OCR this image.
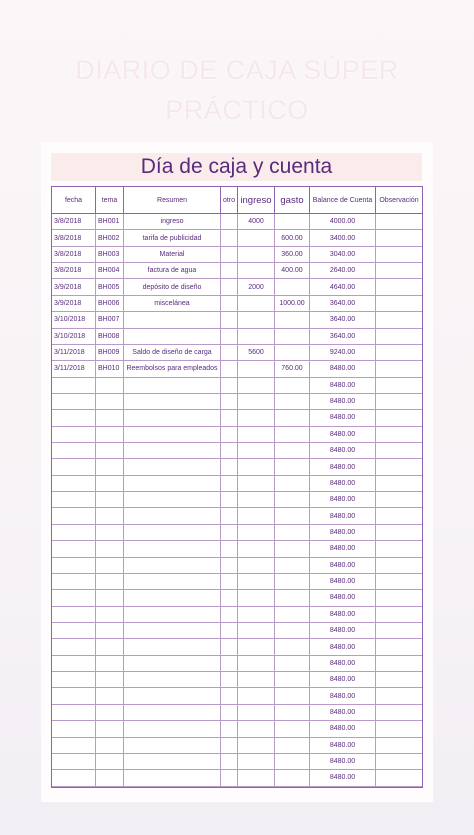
DIARIO DE CAJA SÚPER
PRÁCTICO
Día de caja y cuenta
fecha	tema	Resumen	otro	ingreso	gasto	Balance de Cuenta	Observación
3/8/2018	BH001	ingreso		4000		4000.00	
3/8/2018	BH002	tarifa de publicidad			600.00	3400.00	
3/8/2018	BH003	Material			360.00	3040.00	
3/8/2018	BH004	factura de agua			400.00	2640.00	
3/9/2018	BH005	depósito de diseño		2000		4640.00	
3/9/2018	BH006	miscelánea			1000.00	3640.00	
3/10/2018	BH007					3640.00	
3/10/2018	BH008					3640.00	
3/11/2018	BH009	Saldo de diseño de carga		5600		9240.00	
3/11/2018	BH010	Reembolsos para empleados			760.00	8480.00	
						8480.00	
						8480.00	
						8480.00	
						8480.00	
						8480.00	
						8480.00	
						8480.00	
						8480.00	
						8480.00	
						8480.00	
						8480.00	
						8480.00	
						8480.00	
						8480.00	
						8480.00	
						8480.00	
						8480.00	
						8480.00	
						8480.00	
						8480.00	
						8480.00	
						8480.00	
						8480.00	
						8480.00	
						8480.00	
